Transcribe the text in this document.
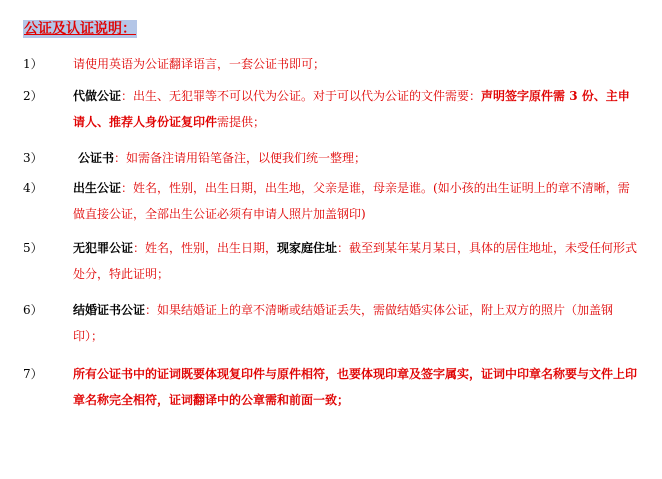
公证及认证说明：
1）	请使用英语为公证翻译语言，一套公证书即可；
2）	代做公证：出生、无犯罪等不可以代为公证。对于可以代为公证的文件需要：声明签字原件需 3 份、主申请人、推荐人身份证复印件需提供；
3）	公证书：如需备注请用铅笔备注，以便我们统一整理；
4）	出生公证：姓名，性别，出生日期，出生地，父亲是谁，母亲是谁。(如小孩的出生证明上的章不清晰，需做直接公证，全部出生公证必须有申请人照片加盖钢印)
5）	无犯罪公证：姓名，性别，出生日期，现家庭住址：截至到某年某月某日，具体的居住地址，未受任何形式处分，特此证明；
6）	结婚证书公证：如果结婚证上的章不清晰或结婚证丢失，需做结婚实体公证，附上双方的照片（加盖钢印）；
7）	所有公证书中的证词既要体现复印件与原件相符，也要体现印章及签字属实，证词中印章名称要与文件上印章名称完全相符，证词翻译中的公章需和前面一致；
